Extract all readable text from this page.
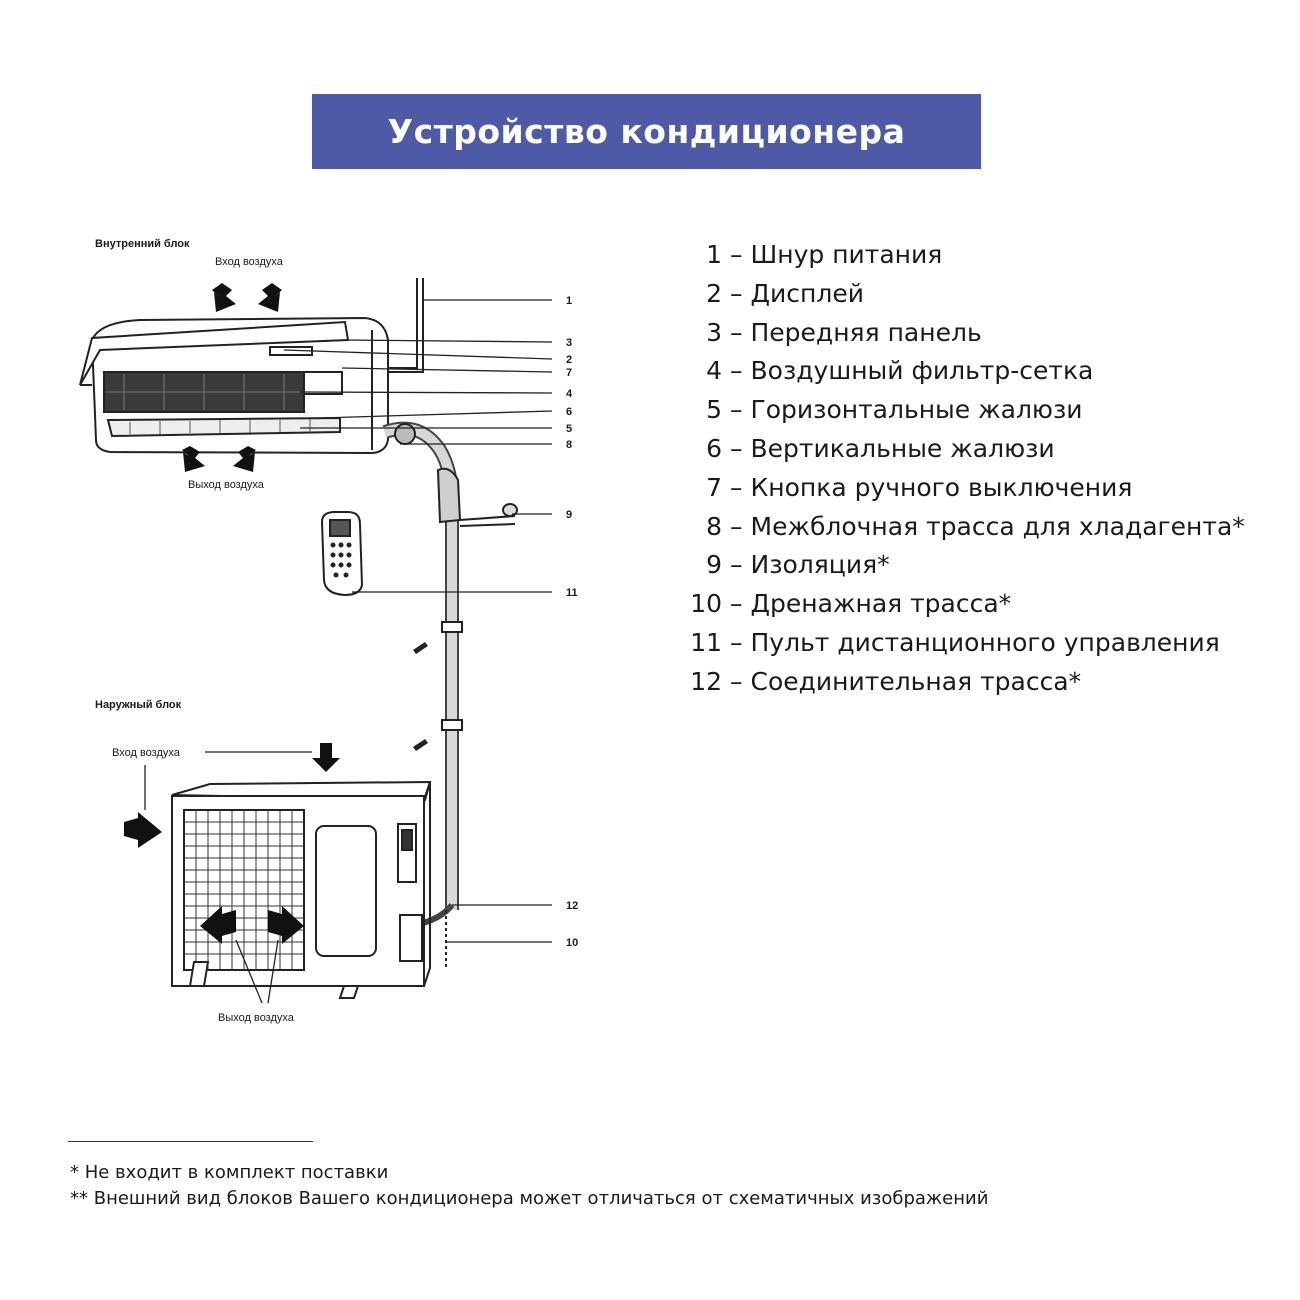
Устройство кондиционера
Внутренний блок
Вход воздуха
Выход воздуха
1
3
2
7
4
6
5
8
9
11
12
10
Наружный блок
Вход воздуха
Выход воздуха
1 – Шнур питания
2 – Дисплей
3 – Передняя панель
4 – Воздушный фильтр-сетка
5 – Горизонтальные жалюзи
6 – Вертикальные жалюзи
7 – Кнопка ручного выключения
8 – Межблочная трасса для хладагента*
9 – Изоляция*
10 – Дренажная трасса*
11 – Пульт дистанционного управления
12 – Соединительная трасса*
* Не входит в комплект поставки
** Внешний вид блоков Вашего кондиционера может отличаться от схематичных изображений
